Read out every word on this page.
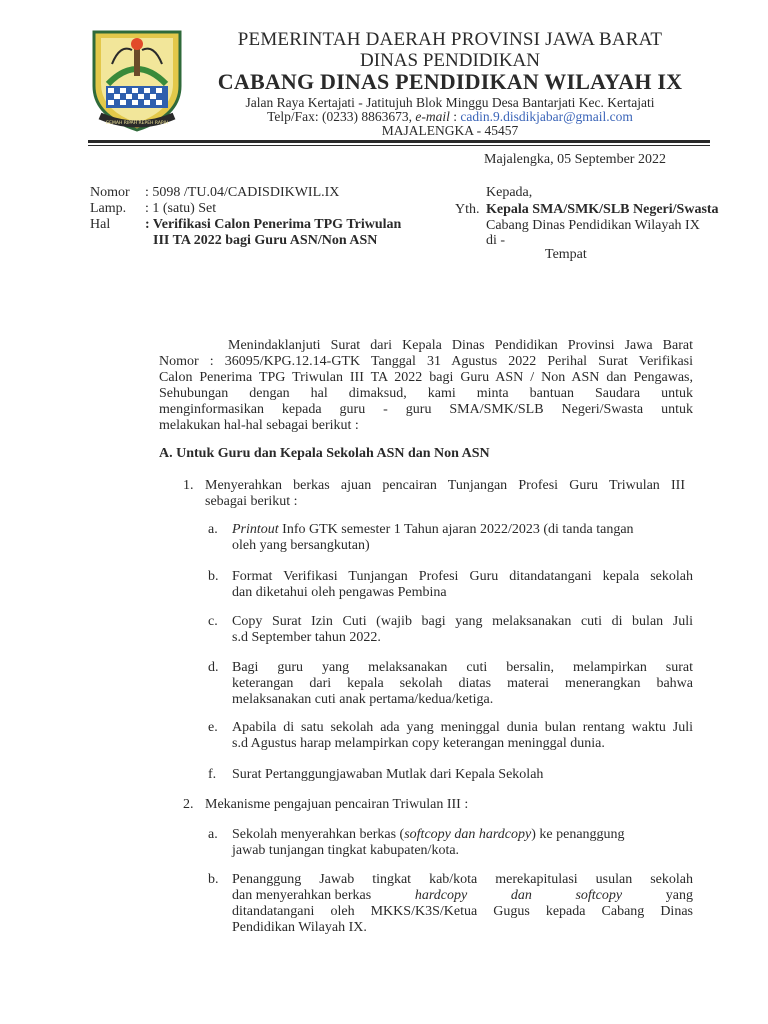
GEMAH RIPAH REPEH RAPIH
PEMERINTAH DAERAH PROVINSI JAWA BARAT
DINAS PENDIDIKAN
CABANG DINAS PENDIDIKAN WILAYAH IX
Jalan Raya Kertajati - Jatitujuh Blok Minggu Desa Bantarjati Kec. Kertajati
Telp/Fax: (0233) 8863673, e-mail : cadin.9.disdikjabar@gmail.com
MAJALENGKA - 45457
Majalengka, 05 September 2022
Nomor : 5098 /TU.04/CADISDIKWIL.IX
Lamp. : 1 (satu) Set
Hal : Verifikasi Calon Penerima TPG Triwulan
III TA 2022 bagi Guru ASN/Non ASN
Kepada,
Yth. Kepala SMA/SMK/SLB Negeri/Swasta
Cabang Dinas Pendidikan Wilayah IX
di -
Tempat
Menindaklanjuti Surat dari Kepala Dinas Pendidikan Provinsi Jawa Barat
Nomor : 36095/KPG.12.14-GTK Tanggal 31 Agustus 2022 Perihal Surat Verifikasi
Calon Penerima TPG Triwulan III TA 2022 bagi Guru ASN / Non ASN dan Pengawas,
Sehubungan dengan hal dimaksud, kami minta bantuan Saudara untuk
menginformasikan kepada guru - guru SMA/SMK/SLB Negeri/Swasta untuk
melakukan hal-hal sebagai berikut :
A. Untuk Guru dan Kepala Sekolah ASN dan Non ASN
1. Menyerahkan berkas ajuan pencairan Tunjangan Profesi Guru Triwulan III
sebagai berikut :
a. Printout Info GTK semester 1 Tahun ajaran 2022/2023 (di tanda tangan
oleh yang bersangkutan)
b. Format Verifikasi Tunjangan Profesi Guru ditandatangani kepala sekolah
dan diketahui oleh pengawas Pembina
c. Copy Surat Izin Cuti (wajib bagi yang melaksanakan cuti di bulan Juli
s.d September tahun 2022.
d. Bagi guru yang melaksanakan cuti bersalin, melampirkan surat
keterangan dari kepala sekolah diatas materai menerangkan bahwa
melaksanakan cuti anak pertama/kedua/ketiga.
e. Apabila di satu sekolah ada yang meninggal dunia bulan rentang waktu Juli
s.d Agustus harap melampirkan copy keterangan meninggal dunia.
f. Surat Pertanggungjawaban Mutlak dari Kepala Sekolah
2. Mekanisme pengajuan pencairan Triwulan III :
a. Sekolah menyerahkan berkas (softcopy dan hardcopy) ke penanggung
jawab tunjangan tingkat kabupaten/kota.
b. Penanggung Jawab tingkat kab/kota merekapitulasi usulan sekolah
dan menyerahkan berkas	hardcopy	dan	softcopy	yang
ditandatangani oleh MKKS/K3S/Ketua Gugus kepada Cabang Dinas
Pendidikan Wilayah IX.
